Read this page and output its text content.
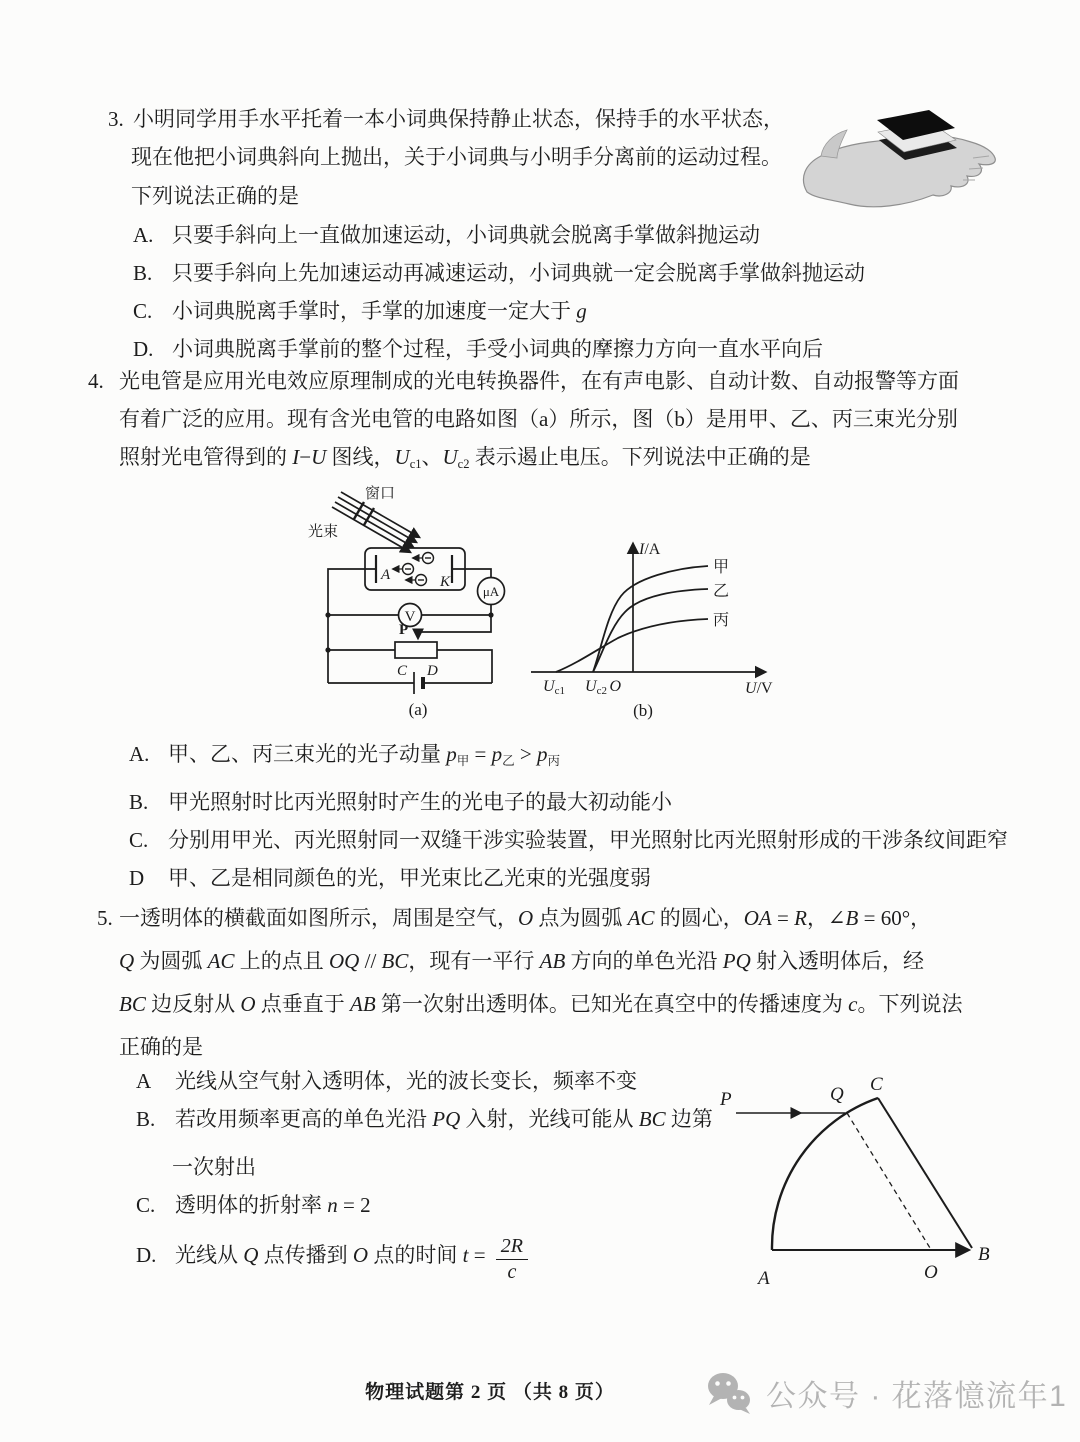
3. 小明同学用手水平托着一本小词典保持静止状态，保持手的水平状态，
现在他把小词典斜向上抛出，关于小词典与小明手分离前的运动过程。
下列说法正确的是
A. 只要手斜向上一直做加速运动，小词典就会脱离手掌做斜抛运动
B. 只要手斜向上先加速运动再减速运动，小词典就一定会脱离手掌做斜抛运动
C. 小词典脱离手掌时，手掌的加速度一定大于 g
D. 小词典脱离手掌前的整个过程，手受小词典的摩擦力方向一直水平向后
4. 光电管是应用光电效应原理制成的光电转换器件，在有声电影、自动计数、自动报警等方面
有着广泛的应用。现有含光电管的电路如图（a）所示，图（b）是用甲、乙、丙三束光分别
照射光电管得到的 I−U 图线，Uc1、Uc2 表示遏止电压。下列说法中正确的是
窗口
光束
A	K
μA
V
P
C D
(a)
I/A
U/V
O
Uc1 Uc2
甲
乙
丙
(b)
A. 甲、乙、丙三束光的光子动量 p甲 = p乙 > p丙
B. 甲光照射时比丙光照射时产生的光电子的最大初动能小
C. 分别用甲光、丙光照射同一双缝干涉实验装置，甲光照射比丙光照射形成的干涉条纹间距窄
D 甲、乙是相同颜色的光，甲光束比乙光束的光强度弱
5. 一透明体的横截面如图所示，周围是空气，O 点为圆弧 AC 的圆心，OA = R，∠B = 60°，
Q 为圆弧 AC 上的点且 OQ // BC，现有一平行 AB 方向的单色光沿 PQ 射入透明体后，经
BC 边反射从 O 点垂直于 AB 第一次射出透明体。已知光在真空中的传播速度为 c。下列说法
正确的是
A 光线从空气射入透明体，光的波长变长，频率不变
B. 若改用频率更高的单色光沿 PQ 入射，光线可能从 BC 边第
一次射出
C. 透明体的折射率 n = 2
D. 光线从 Q 点传播到 O 点的时间 $t = \frac{2R}{c}$
P	Q C
A	O
B
物理试题第 2 页 （共 8 页）	公众号 · 花落憶流年1
